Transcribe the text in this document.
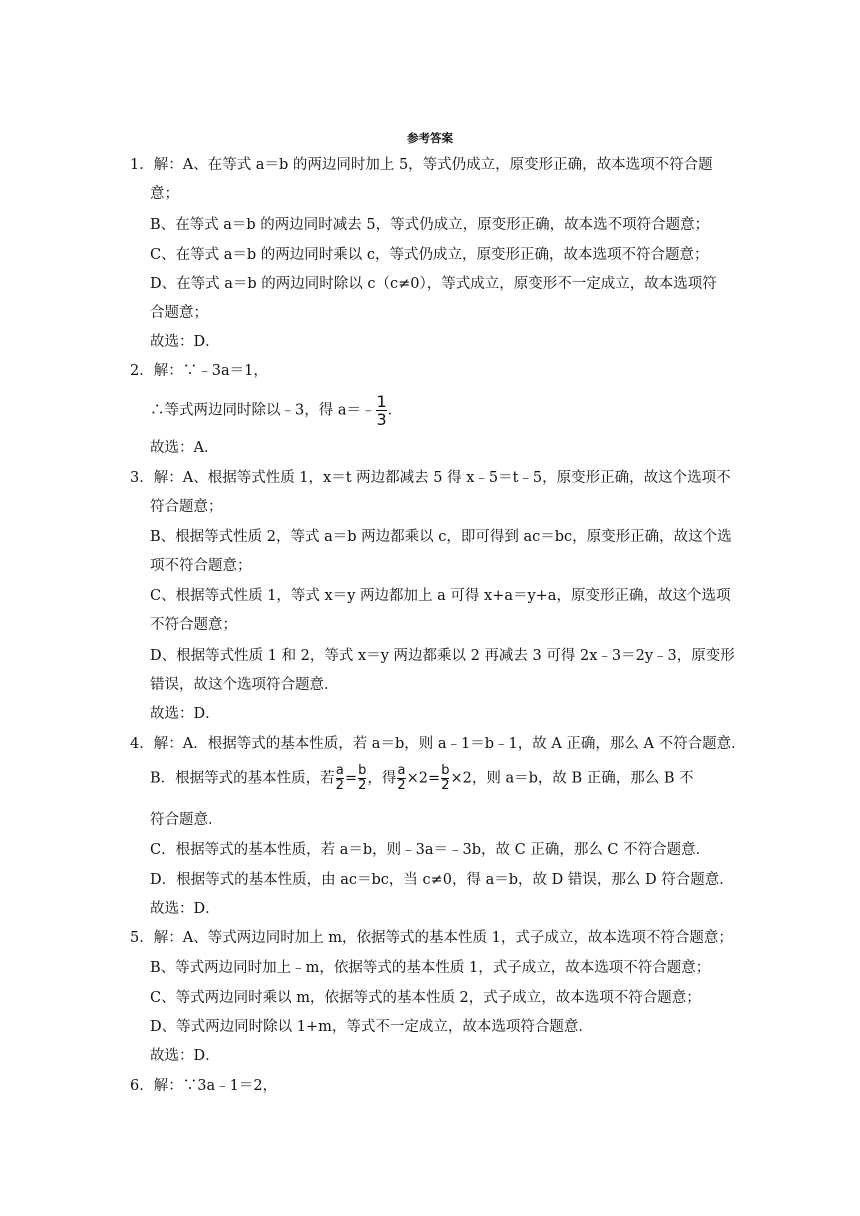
参考答案
1．解：A、在等式 a＝b 的两边同时加上 5，等式仍成立，原变形正确，故本选项不符合题
意；
B、在等式 a＝b 的两边同时减去 5，等式仍成立，原变形正确，故本选不项符合题意；
C、在等式 a＝b 的两边同时乘以 c，等式仍成立，原变形正确，故本选项不符合题意；
D、在等式 a＝b 的两边同时除以 c（c≠0），等式成立，原变形不一定成立，故本选项符
合题意；
故选：D．
2．解：∵﹣3a＝1，
∴等式两边同时除以﹣3，得 a＝﹣ $\frac{1}{3}$ ．
故选：A．
3．解：A、根据等式性质 1，x＝t 两边都减去 5 得 x﹣5＝t﹣5，原变形正确，故这个选项不
符合题意；
B、根据等式性质 2，等式 a＝b 两边都乘以 c，即可得到 ac＝bc，原变形正确，故这个选
项不符合题意；
C、根据等式性质 1，等式 x＝y 两边都加上 a 可得 x+a＝y+a，原变形正确，故这个选项
不符合题意；
D、根据等式性质 1 和 2，等式 x＝y 两边都乘以 2 再减去 3 可得 2x﹣3＝2y﹣3，原变形
错误，故这个选项符合题意．
故选：D．
4．解：A．根据等式的基本性质，若 a＝b，则 a﹣1＝b﹣1，故 A 正确，那么 A 不符合题意．
B．根据等式的基本性质，若 $\frac{a}{2} = \frac{b}{2}$ ，得 $\frac{a}{2} \times 2= \frac{b}{2} \times 2$，则 a＝b，故 B 正确，那么 B 不
符合题意．
C．根据等式的基本性质，若 a＝b，则﹣3a＝﹣3b，故 C 正确，那么 C 不符合题意．
D．根据等式的基本性质，由 ac＝bc，当 c≠0，得 a＝b，故 D 错误，那么 D 符合题意．
故选：D．
5．解：A、等式两边同时加上 m，依据等式的基本性质 1，式子成立，故本选项不符合题意；
B、等式两边同时加上﹣m，依据等式的基本性质 1，式子成立，故本选项不符合题意；
C、等式两边同时乘以 m，依据等式的基本性质 2，式子成立，故本选项不符合题意；
D、等式两边同时除以 1+m，等式不一定成立，故本选项符合题意．
故选：D．
6．解：∵3a﹣1＝2，
